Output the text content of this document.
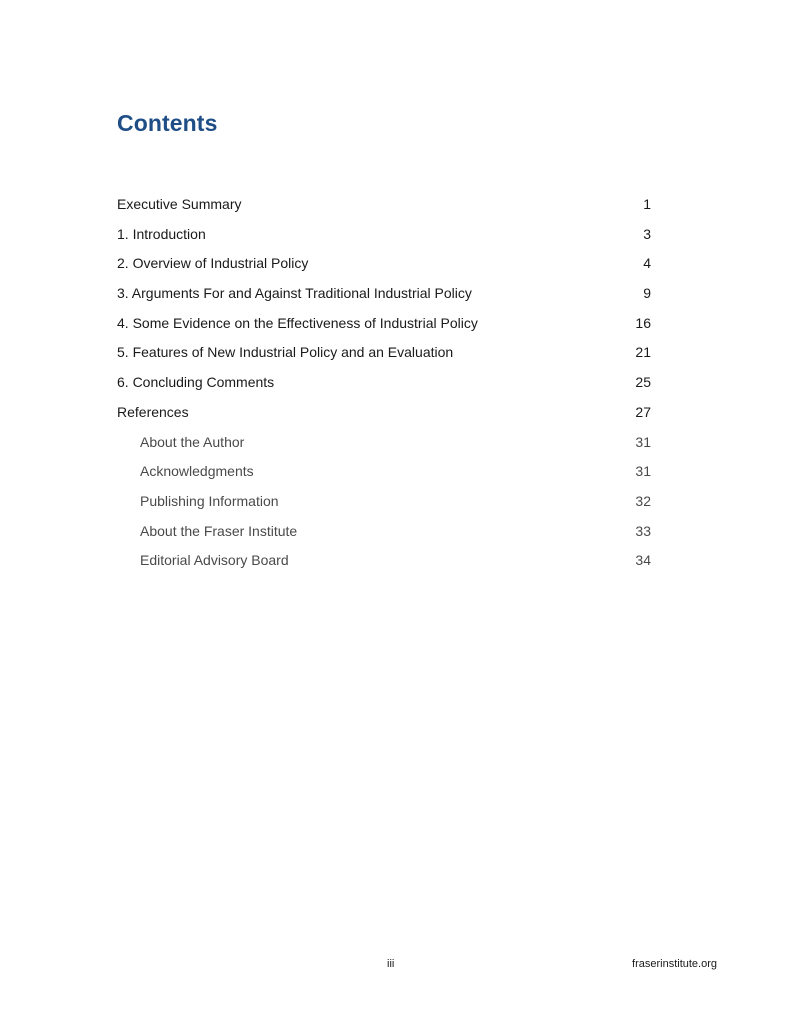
Contents
Executive Summary	1
1. Introduction	3
2. Overview of Industrial Policy	4
3. Arguments For and Against Traditional Industrial Policy	9
4. Some Evidence on the Effectiveness of Industrial Policy	16
5. Features of New Industrial Policy and an Evaluation	21
6. Concluding Comments	25
References	27
About the Author	31
Acknowledgments	31
Publishing Information	32
About the Fraser Institute	33
Editorial Advisory Board	34
iii	fraserinstitute.org
